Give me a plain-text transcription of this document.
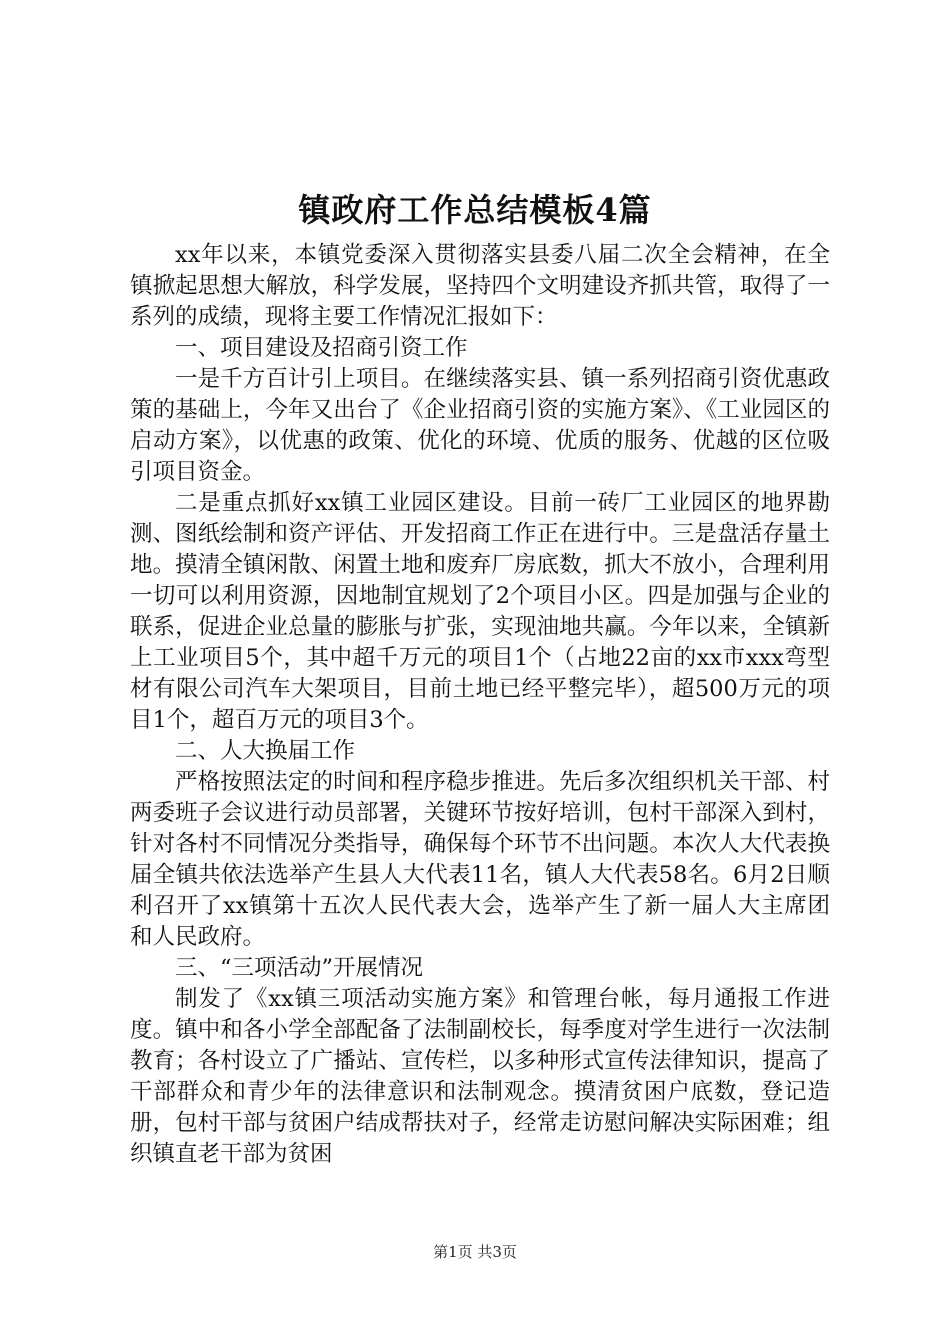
镇政府工作总结模板4篇

xx年以来，本镇党委深入贯彻落实县委八届二次全会精神，在全镇掀起思想大解放，科学发展，坚持四个文明建设齐抓共管，取得了一系列的成绩，现将主要工作情况汇报如下：

一、项目建设及招商引资工作

一是千方百计引上项目。在继续落实县、镇一系列招商引资优惠政策的基础上，今年又出台了《企业招商引资的实施方案》、《工业园区的启动方案》，以优惠的政策、优化的环境、优质的服务、优越的区位吸引项目资金。

二是重点抓好xx镇工业园区建设。目前一砖厂工业园区的地界勘测、图纸绘制和资产评估、开发招商工作正在进行中。三是盘活存量土地。摸清全镇闲散、闲置土地和废弃厂房底数，抓大不放小，合理利用一切可以利用资源，因地制宜规划了2个项目小区。四是加强与企业的联系，促进企业总量的膨胀与扩张，实现油地共赢。今年以来，全镇新上工业项目5个，其中超千万元的项目1个（占地22亩的xx市xxx弯型材有限公司汽车大架项目，目前土地已经平整完毕），超500万元的项目1个，超百万元的项目3个。

二、人大换届工作

严格按照法定的时间和程序稳步推进。先后多次组织机关干部、村两委班子会议进行动员部署，关键环节按好培训，包村干部深入到村，针对各村不同情况分类指导，确保每个环节不出问题。本次人大代表换届全镇共依法选举产生县人大代表11名，镇人大代表58名。6月2日顺利召开了xx镇第十五次人民代表大会，选举产生了新一届人大主席团和人民政府。

三、“三项活动”开展情况

制发了《xx镇三项活动实施方案》和管理台帐，每月通报工作进度。镇中和各小学全部配备了法制副校长，每季度对学生进行一次法制教育；各村设立了广播站、宣传栏，以多种形式宣传法律知识，提高了干部群众和青少年的法律意识和法制观念。摸清贫困户底数，登记造册，包村干部与贫困户结成帮扶对子，经常走访慰问解决实际困难；组织镇直老干部为贫困

第1页 共3页
